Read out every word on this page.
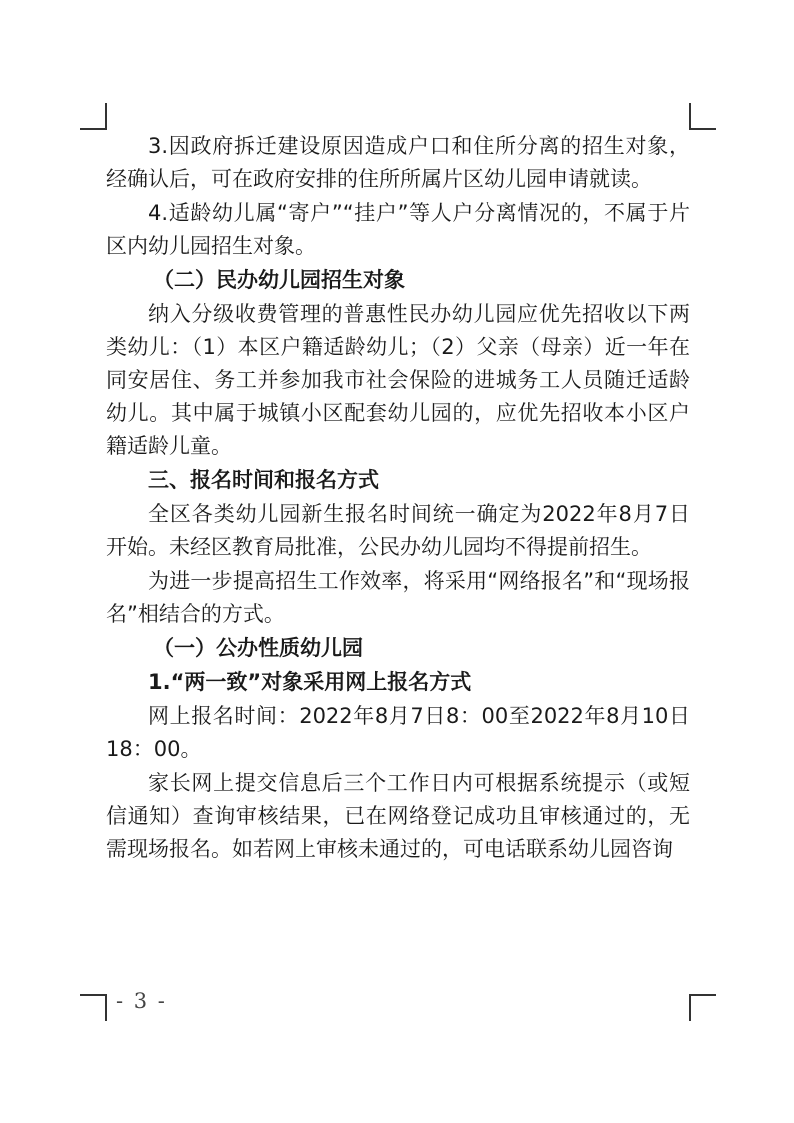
3.因政府拆迁建设原因造成户口和住所分离的招生对象，经确认后，可在政府安排的住所所属片区幼儿园申请就读。

4.适龄幼儿属“寄户”“挂户”等人户分离情况的，不属于片区内幼儿园招生对象。

（二）民办幼儿园招生对象

纳入分级收费管理的普惠性民办幼儿园应优先招收以下两类幼儿：（1）本区户籍适龄幼儿；（2）父亲（母亲）近一年在同安居住、务工并参加我市社会保险的进城务工人员随迁适龄幼儿。其中属于城镇小区配套幼儿园的，应优先招收本小区户籍适龄儿童。

三、报名时间和报名方式

全区各类幼儿园新生报名时间统一确定为2022年8月7日开始。未经区教育局批准，公民办幼儿园均不得提前招生。

为进一步提高招生工作效率，将采用“网络报名”和“现场报名”相结合的方式。

（一）公办性质幼儿园

1.“两一致”对象采用网上报名方式

网上报名时间：2022年8月7日8：00至2022年8月10日18：00。

家长网上提交信息后三个工作日内可根据系统提示（或短信通知）查询审核结果，已在网络登记成功且审核通过的，无需现场报名。如若网上审核未通过的，可电话联系幼儿园咨询

- 3 -
